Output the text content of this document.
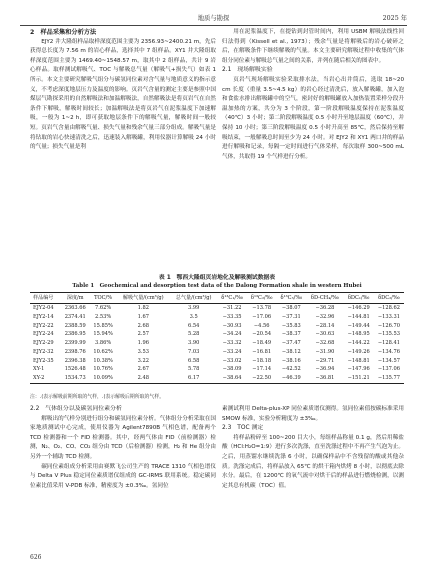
地质与勘探	2025 年

2　样品采集和分析方法

EJY2 井大隆组样品取样深度范围主要为 2356.93~2400.21 m，先后获得总长度为 7.56 m 的岩心样品，选择其中 7 组样品。XY1 井大隆组取样深度范围主要为 1469.40~1548.57 m，取其中 2 组样品，共计 9 岩心样品。取样测试解吸气、TOC 与解吸总气量（解吸气+损失气）如表 1 所示。本文主要研究解吸气组分与碳氢同位素对含气量与地质意义的指示意义，不考虑深度地层压力及温度的影响。页岩气含量的测定主要是参照中国煤层气勘探采用的自然解吸法和加温解吸法，自然解吸法是将页岩气在自然条件下解吸，解吸时间较长；加温解吸法是将页岩气在泥浆温度下加速解吸，一般为 1~2 h，即可获取地层条件下的解吸气量，解吸时间一般较短。页岩气含量由解吸气量、损失气量和残余气量三部分组成。解吸气量是将钻取的岩心快速清洗之后，迅速装入解吸罐，利用仪器计算解吸 24 小时的气量；损失气量是利

用在泥浆温度下，在提钻到封管时间内，利用 USBM 解吸法线性回归法得到（Kissell et al., 1973）；残余气量是将解吸后的岩心破碎之后，在解吸条件下继续解吸的气量。本文主要研究解吸过程中收集的气体组分同位素与解吸总气量之间的关系，并列在随后相关的图表中。

2.1　现场解吸实验

页岩气现场解吸实验采取排水法，当岩心出井筒后，选取 18~20 cm 长度（重量 3.5~4.5 kg）的岩心经过清洗后，放入解吸罐，加入泡和食盐水排出解吸罐中的空气，密封好的解吸罐放入加热装置采样分段升温加热的方案，共分为 3 个阶段，第一阶段解吸温度保持在泥浆温度（40℃）3 小时；第二阶段解吸温度 0.5 小时升至地层温度（60℃），并保持 10 小时；第三阶段解吸温度 0.5 小时升高至 85℃，然后保持至解吸结束，一般解吸总时间至少为 24 小时。对 EJY2 和 XY1 两口井的样品进行解吸和记录，每隔一定时间进行气体采样，每次取样 300~500 mL 气体，共取得 19 个气样进行分析。

表 1　鄂西大隆组页岩地化及解吸测试数据表
Table 1　Geochemical and desorption test data of the Dalong Formation shale in western Hubei
样品编号	深度/m	TOC/%	解吸气量/(cm³/g)	总气量/(cm³/g)	δ¹³C₁/‰	δ¹³C₂/‰	δ¹³C₃/‰	δD-CH₄/‰	δDC₁/‰	δDC₂/‰
EJY2-04	2363.66	7.62%	1.82	3.99	−31.22	−13.78	−38.07	−36.28	−146.29	−128.62
EJY2-14	2374.41	2.53%	1.67	3.5	−33.35	−17.06	−37.31	−32.96	−144.81	−133.31
EJY2-22	2388.59	15.85%	2.68	6.54	−30.93	−4.56	−35.83	−28.14	−149.44	−126.70
EJY2-24	2386.95	15.94%	2.57	5.28	−34.24	−20.54	−38.37	−30.63	−148.95	−135.53
EJY2-29	2399.99	3.86%	1.96	3.90	−33.32	−18.49	−37.47	−32.68	−144.22	−128.41
EJY2-32	2398.76	10.62%	3.53	7.03	−33.24	−16.81	−38.12	−31.90	−149.26	−134.76
EJY2-35	2396.38	10.38%	3.22	6.58	−33.02	−18.18	−38.16	−29.71	−148.81	−134.57
XY-1	1526.48	10.76%	2.67	5.78	−38.09	−17.14	−42.52	−36.94	−147.96	−137.06
XY-2	1534.73	10.09%	2.48	6.17	−38.64	−22.50	−46.39	−36.81	−151.21	−135.77
注：.(表示解吸前期所取的气样，.(表示解吸后期所取的气样。

2.2　气体组分以及碳氢同位素分析

解吸出的气样分别进行组分和碳氢同位素分析。气体组分分析采取在国家地质测试中心完成，使用仪器为 Agilent7890B 气相色谱，配备两个 TCD 检测器和一个 FID 检测器。其中，经两气体由 FID（前检测器）检测，N₂、O₂、CO、CO₂ 组分由 TCD（后检测器）检测，H₂ 和 He 组分由另外一个辅助 TCD 检测。

碳同位素组成分析采用由赛默飞公司生产的 TRACE 1310 气相色谱仪与 Delta V Plus 稳定同位素质谱仪组成的 GC-IRMS 联用系统。稳定碳同位素比值采用 V-PDB 标准，精密度为 ±0.3‰。氢同位

素测试利用 Delta-plus-XP 同位素质谱仪测得。氢同位素值按碳标准采用 SMOW 标准，实验分析精度为 ±3‰。

2.3　TOC 测定

将样品粉碎至 100~200 目大小，每组样品称量 0.1 g，然后用稀盐酸（HCl:H₂O=1:9）进行多次洗涤，直至洗涤过程中不再产生气泡为止。之后，用蒸馏水继续洗涤 6 小时，以确保样品中不含残留的酸或其他杂质。洗涤完成后，将样品放入 65℃ 的烘干箱内烘烤 8 小时，以彻底去除水分。最后，在 1200℃ 的氧气流中对烘干后的样品进行燃烧检测，以测定其总有机碳（TOC）值。

626
